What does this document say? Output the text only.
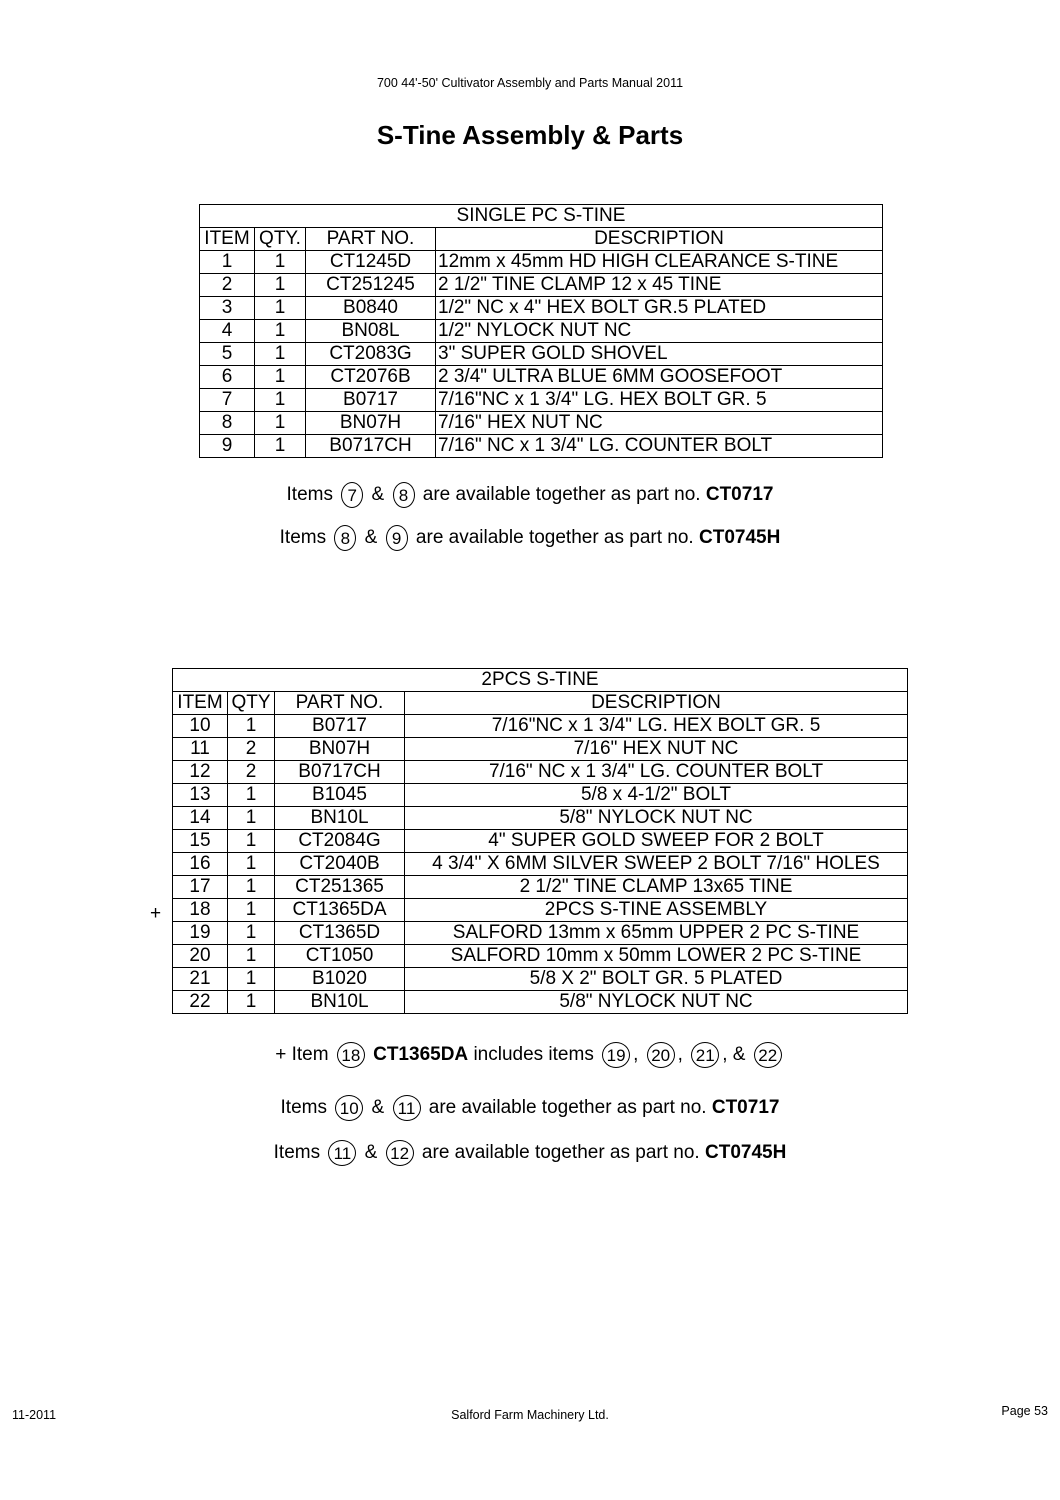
700 44'-50' Cultivator Assembly and Parts Manual 2011
S-Tine Assembly & Parts
SINGLE PC S-TINE			
ITEM	QTY.	PART NO.	DESCRIPTION
1	1	CT1245D	12mm x 45mm HD HIGH CLEARANCE S-TINE
2	1	CT251245	2 1/2" TINE CLAMP 12 x 45 TINE
3	1	B0840	1/2" NC x 4" HEX BOLT GR.5 PLATED
4	1	BN08L	1/2" NYLOCK NUT NC
5	1	CT2083G	3" SUPER GOLD SHOVEL
6	1	CT2076B	2 3/4" ULTRA BLUE 6MM GOOSEFOOT
7	1	B0717	7/16"NC x 1 3/4" LG. HEX BOLT GR. 5
8	1	BN07H	7/16" HEX NUT NC
9	1	B0717CH	7/16" NC x 1 3/4" LG. COUNTER BOLT
Items 7 & 8 are available together as part no. CT0717
Items 8 & 9 are available together as part no. CT0745H
2PCS S-TINE			
ITEM	QTY	PART NO.	DESCRIPTION
10	1	B0717	7/16"NC x 1 3/4" LG. HEX BOLT GR. 5
11	2	BN07H	7/16" HEX NUT NC
12	2	B0717CH	7/16" NC x 1 3/4" LG. COUNTER BOLT
13	1	B1045	5/8 x 4-1/2" BOLT
14	1	BN10L	5/8" NYLOCK NUT NC
15	1	CT2084G	4" SUPER GOLD SWEEP FOR 2 BOLT
16	1	CT2040B	4 3/4'' X 6MM SILVER SWEEP 2 BOLT 7/16" HOLES
17	1	CT251365	2 1/2" TINE CLAMP 13x65 TINE
18	1	CT1365DA	2PCS S-TINE ASSEMBLY
19	1	CT1365D	SALFORD 13mm x 65mm UPPER 2 PC S-TINE
20	1	CT1050	SALFORD 10mm x 50mm LOWER 2 PC S-TINE
21	1	B1020	5/8 X 2" BOLT GR. 5 PLATED
22	1	BN10L	5/8" NYLOCK NUT NC
+
+ Item 18 CT1365DA includes items 19 , 20 , 21 , & 22
Items 10 & 11 are available together as part no. CT0717
Items 11 & 12 are available together as part no. CT0745H
11-2011	Salford Farm Machinery Ltd.	Page 53
